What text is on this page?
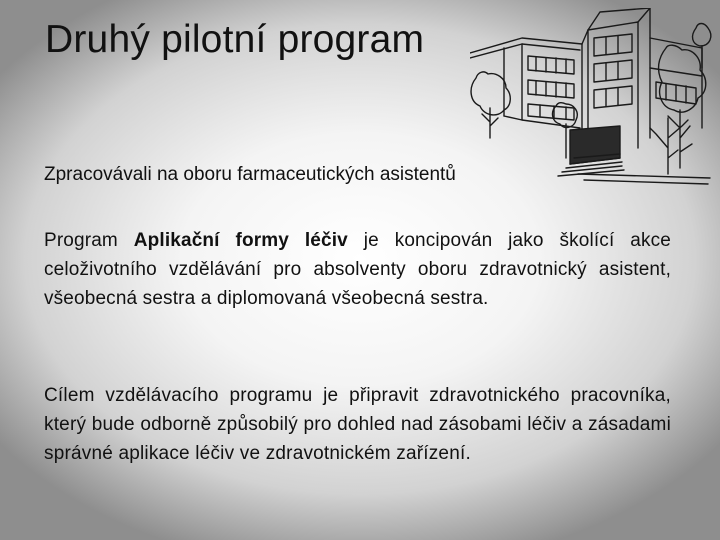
Druhý pilotní program

Zpracovávali na oboru farmaceutických asistentů

Program Aplikační formy léčiv je koncipován jako školící akce celoživotního vzdělávání pro absolventy oboru zdravotnický asistent, všeobecná sestra a diplomovaná všeobecná sestra.

Cílem vzdělávacího programu je připravit zdravotnického pracovníka, který bude odborně způsobilý pro dohled nad zásobami léčiv a zásadami správné aplikace léčiv ve zdravotnickém zařízení.
